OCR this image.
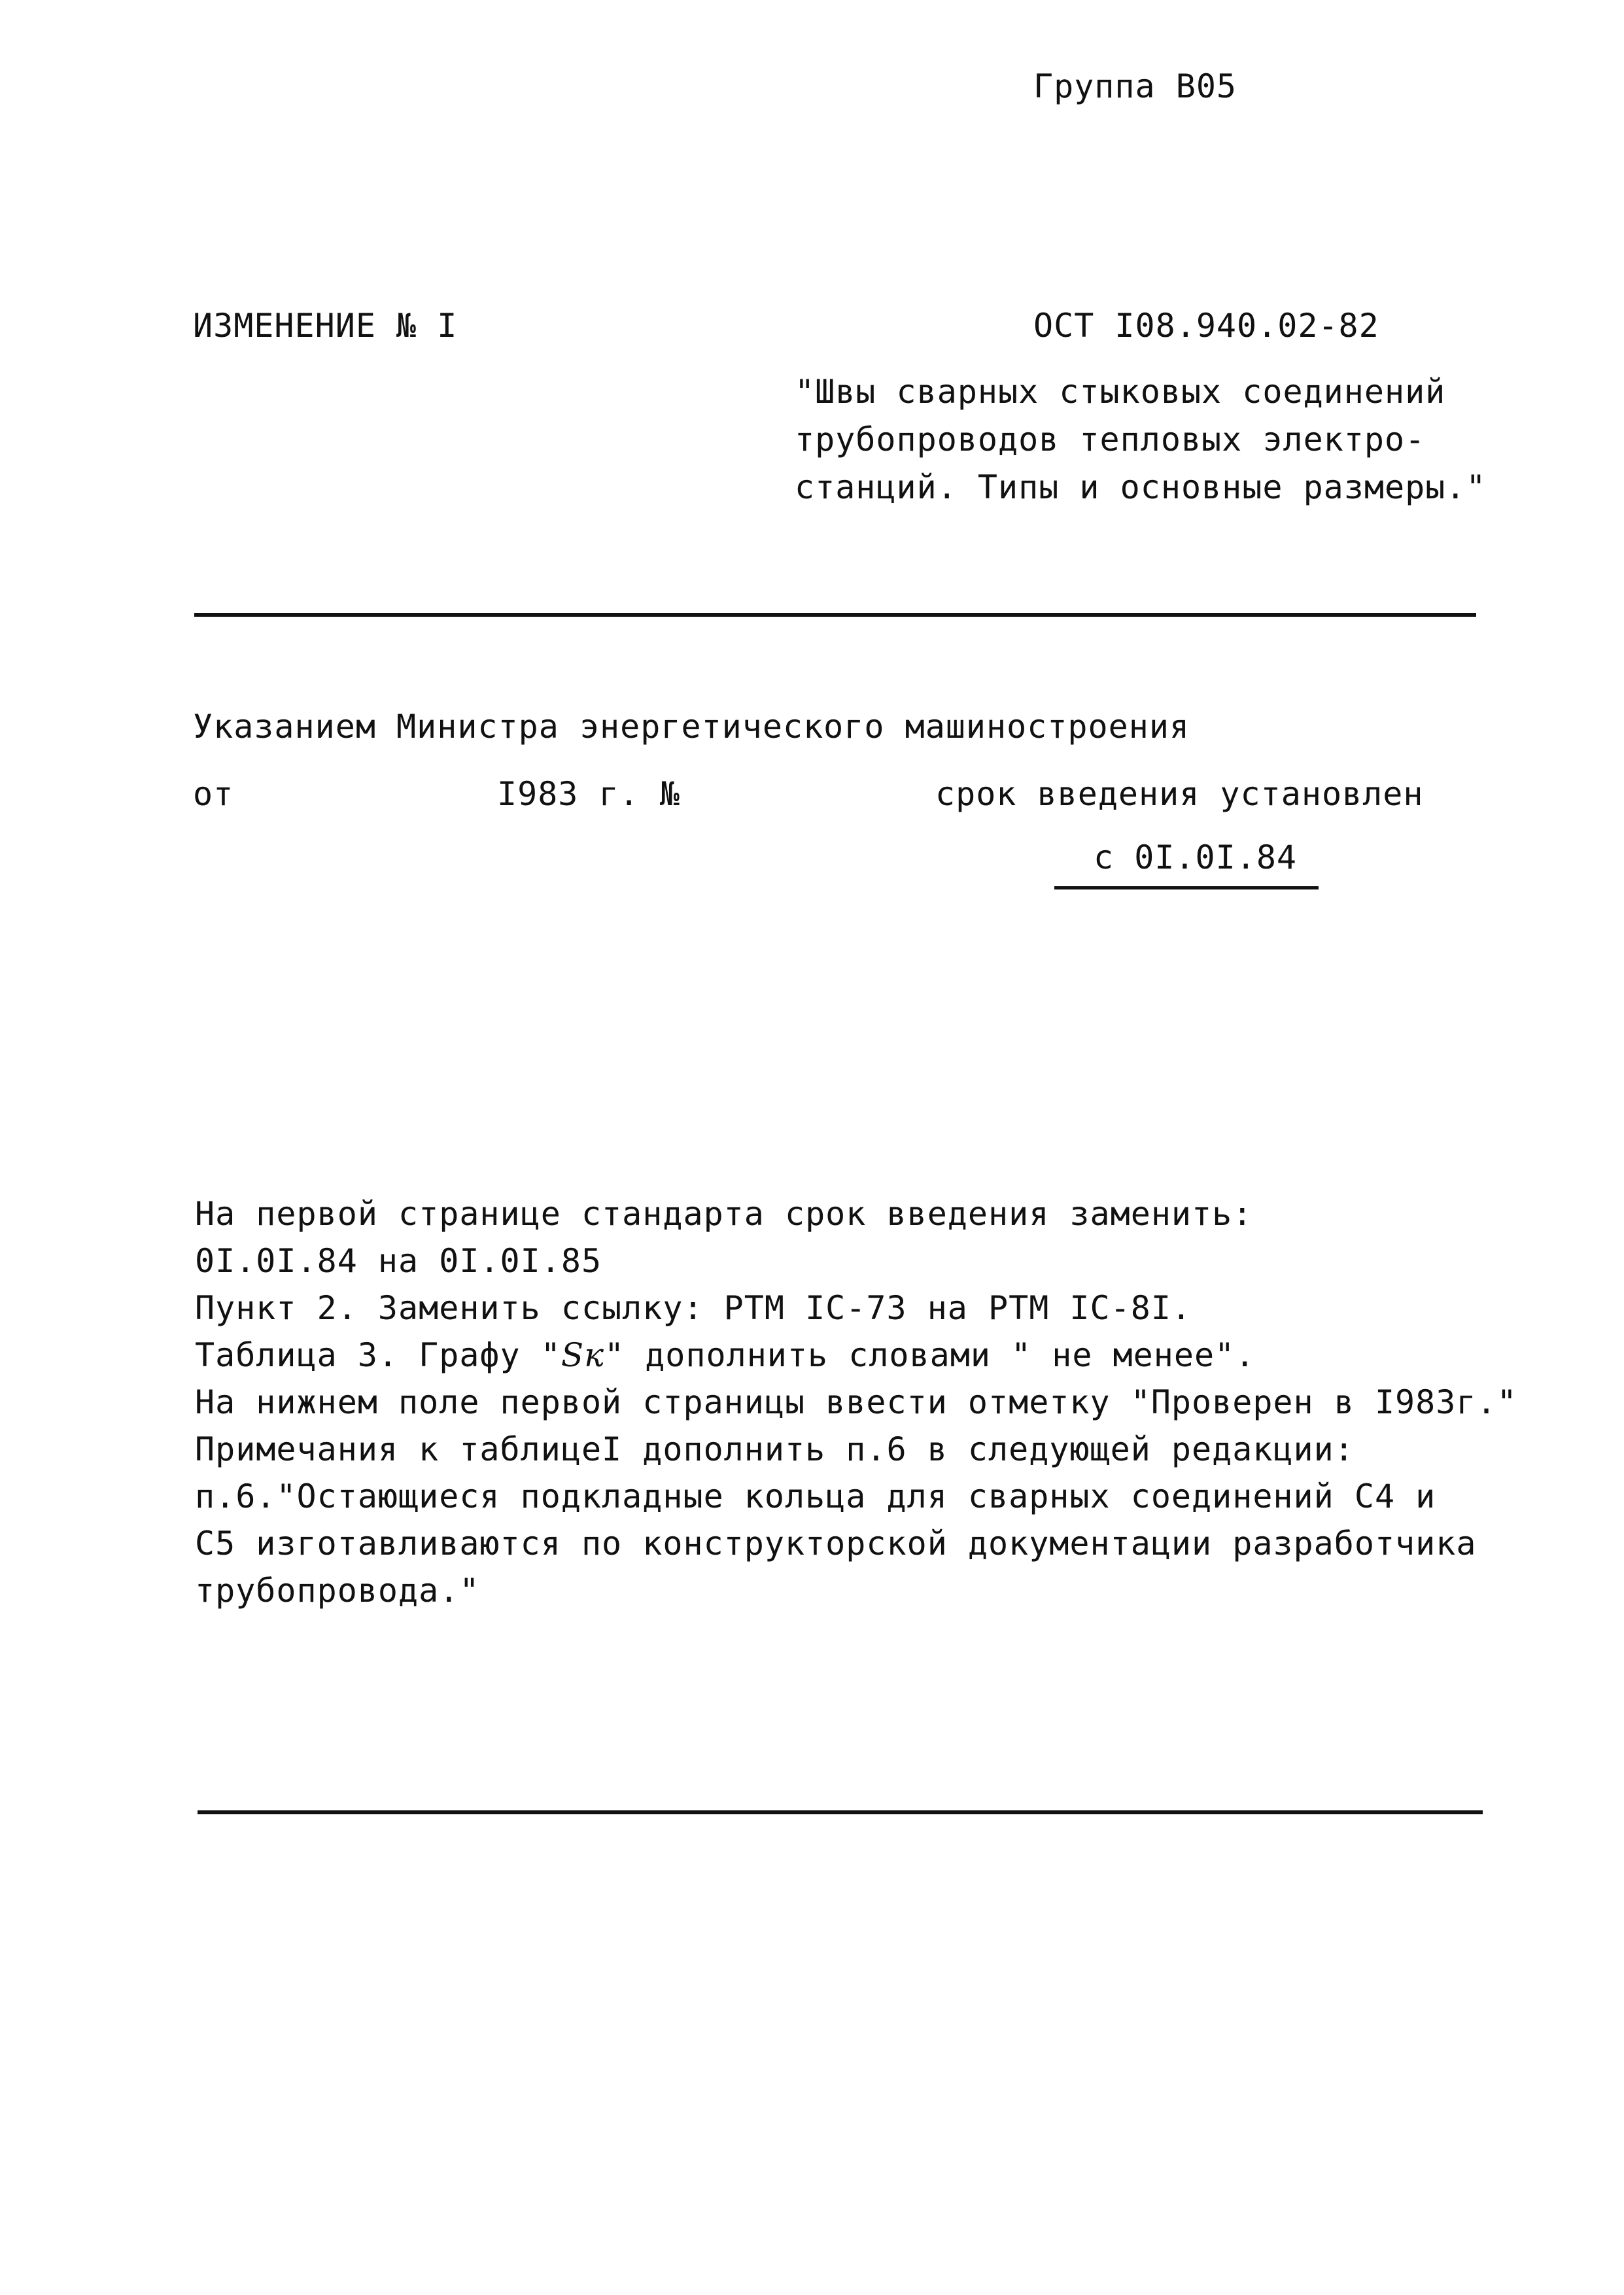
Группа В05
ИЗМЕНЕНИЕ № I	ОСТ I08.940.02-82
"Швы сварных стыковых соединений
трубопроводов тепловых электро-
станций. Типы и основные размеры."
Указанием Министра энергетического машиностроения
от	I983 г. №	срок введения установлен
с 0I.0I.84
На первой странице стандарта срок введения заменить:
0I.0I.84 на 0I.0I.85
Пункт 2. Заменить ссылку: РТМ IС-73 на РТМ IС-8I.
Таблица 3. Графу "Sк" дополнить словами " не менее".
На нижнем поле первой страницы ввести отметку "Проверен в I983г."
Примечания к таблицеI дополнить п.6 в следующей редакции:
п.6."Остающиеся подкладные кольца для сварных соединений С4 и
С5 изготавливаются по конструкторской документации разработчика
трубопровода."
